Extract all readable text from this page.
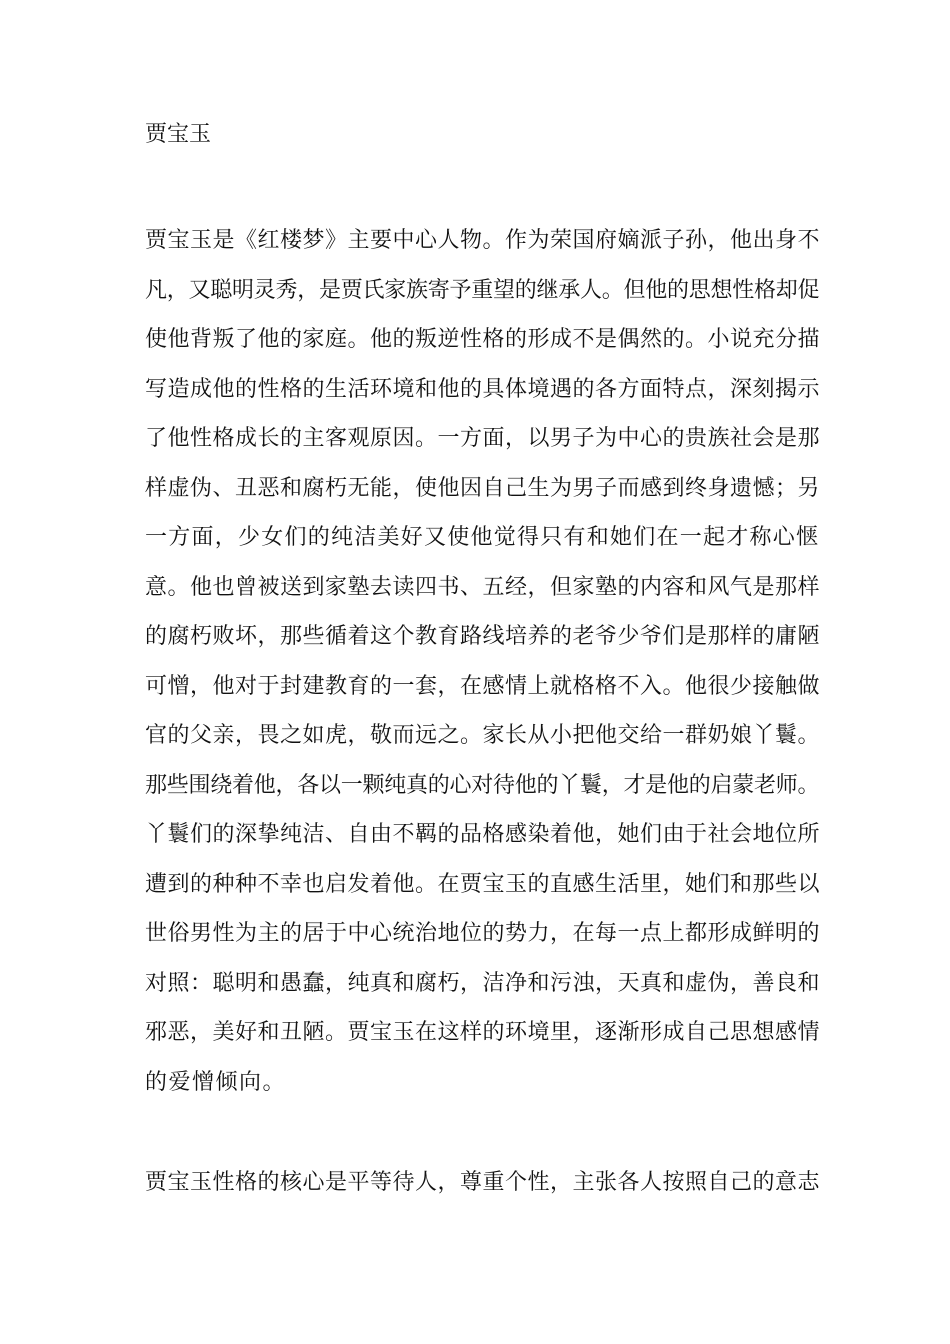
贾宝玉

贾宝玉是《红楼梦》主要中心人物。作为荣国府嫡派子孙，他出身不

凡，又聪明灵秀，是贾氏家族寄予重望的继承人。但他的思想性格却促

使他背叛了他的家庭。他的叛逆性格的形成不是偶然的。小说充分描

写造成他的性格的生活环境和他的具体境遇的各方面特点，深刻揭示

了他性格成长的主客观原因。一方面，以男子为中心的贵族社会是那

样虚伪、丑恶和腐朽无能，使他因自己生为男子而感到终身遗憾；另

一方面，少女们的纯洁美好又使他觉得只有和她们在一起才称心惬

意。他也曾被送到家塾去读四书、五经，但家塾的内容和风气是那样

的腐朽败坏，那些循着这个教育路线培养的老爷少爷们是那样的庸陋

可憎，他对于封建教育的一套，在感情上就格格不入。他很少接触做

官的父亲，畏之如虎，敬而远之。家长从小把他交给一群奶娘丫鬟。

那些围绕着他，各以一颗纯真的心对待他的丫鬟，才是他的启蒙老师。

丫鬟们的深挚纯洁、自由不羁的品格感染着他，她们由于社会地位所

遭到的种种不幸也启发着他。在贾宝玉的直感生活里，她们和那些以

世俗男性为主的居于中心统治地位的势力，在每一点上都形成鲜明的

对照：聪明和愚蠢，纯真和腐朽，洁净和污浊，天真和虚伪，善良和

邪恶，美好和丑陋。贾宝玉在这样的环境里，逐渐形成自己思想感情

的爱憎倾向。

贾宝玉性格的核心是平等待人，尊重个性，主张各人按照自己的意志
